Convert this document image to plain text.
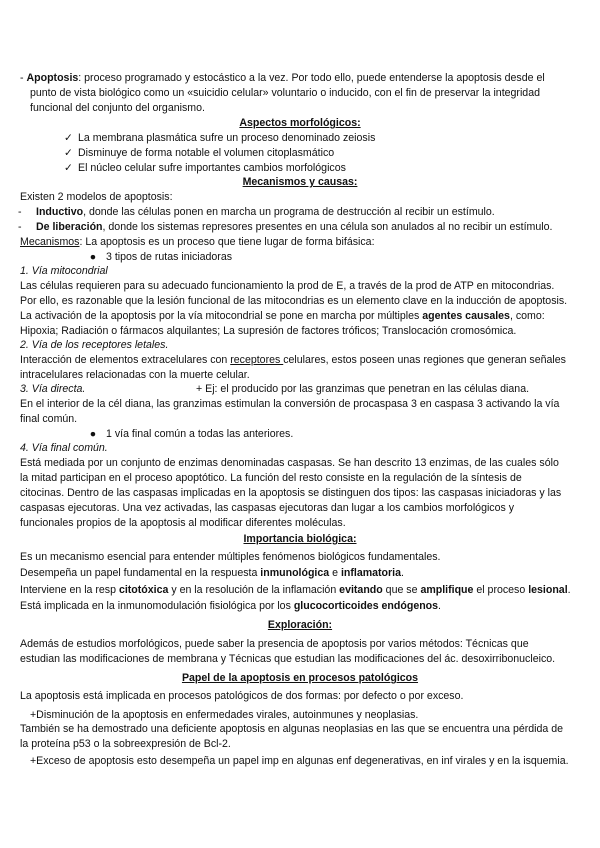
- Apoptosis: proceso programado y estocástico a la vez. Por todo ello, puede entenderse la apoptosis desde el
punto de vista biológico como un «suicidio celular» voluntario o inducido, con el fin de preservar la integridad
funcional del conjunto del organismo.
Aspectos morfológicos:
✓ La membrana plasmática sufre un proceso denominado zeiosis
✓ Disminuye de forma notable el volumen citoplasmático
✓ El núcleo celular sufre importantes cambios morfológicos
Mecanismos y causas:
Existen 2 modelos de apoptosis:
- Inductivo, donde las células ponen en marcha un programa de destrucción al recibir un estímulo.
- De liberación, donde los sistemas represores presentes en una célula son anulados al no recibir un estímulo.
Mecanismos: La apoptosis es un proceso que tiene lugar de forma bifásica:
● 3 tipos de rutas iniciadoras
1. Vía mitocondrial
Las células requieren para su adecuado funcionamiento la prod de E, a través de la prod de ATP en mitocondrias.
Por ello, es razonable que la lesión funcional de las mitocondrias es un elemento clave en la inducción de apoptosis.
La activación de la apoptosis por la vía mitocondrial se pone en marcha por múltiples agentes causales, como:
Hipoxia; Radiación o fármacos alquilantes; La supresión de factores tróficos; Translocación cromosómica.
2. Vía de los receptores letales.
Interacción de elementos extracelulares con receptores celulares, estos poseen unas regiones que generan señales
intracelulares relacionadas con la muerte celular.
3. Vía directa.	+ Ej: el producido por las granzimas que penetran en las células diana.
En el interior de la cél diana, las granzimas estimulan la conversión de procaspasa 3 en caspasa 3 activando la vía
final común.
● 1 vía final común a todas las anteriores.
4. Vía final común.
Está mediada por un conjunto de enzimas denominadas caspasas. Se han descrito 13 enzimas, de las cuales sólo
la mitad participan en el proceso apoptótico. La función del resto consiste en la regulación de la síntesis de
citocinas. Dentro de las caspasas implicadas en la apoptosis se distinguen dos tipos: las caspasas iniciadoras y las
caspasas ejecutoras. Una vez activadas, las caspasas ejecutoras dan lugar a los cambios morfológicos y
funcionales propios de la apoptosis al modificar diferentes moléculas.
Importancia biológica:
Es un mecanismo esencial para entender múltiples fenómenos biológicos fundamentales.
Desempeña un papel fundamental en la respuesta inmunológica e inflamatoria.
Interviene en la resp citotóxica y en la resolución de la inflamación evitando que se amplifique el proceso lesional.
Está implicada en la inmunomodulación fisiológica por los glucocorticoides endógenos.
Exploración:
Además de estudios morfológicos, puede saber la presencia de apoptosis por varios métodos: Técnicas que
estudian las modificaciones de membrana y Técnicas que estudian las modificaciones del ác. desoxirribonucleico.
Papel de la apoptosis en procesos patológicos
La apoptosis está implicada en procesos patológicos de dos formas: por defecto o por exceso.
+Disminución de la apoptosis en enfermedades virales, autoinmunes y neoplasias.
También se ha demostrado una deficiente apoptosis en algunas neoplasias en las que se encuentra una pérdida de
la proteína p53 o la sobreexpresión de Bcl-2.
+Exceso de apoptosis esto desempeña un papel imp en algunas enf degenerativas, en inf virales y en la isquemia.
